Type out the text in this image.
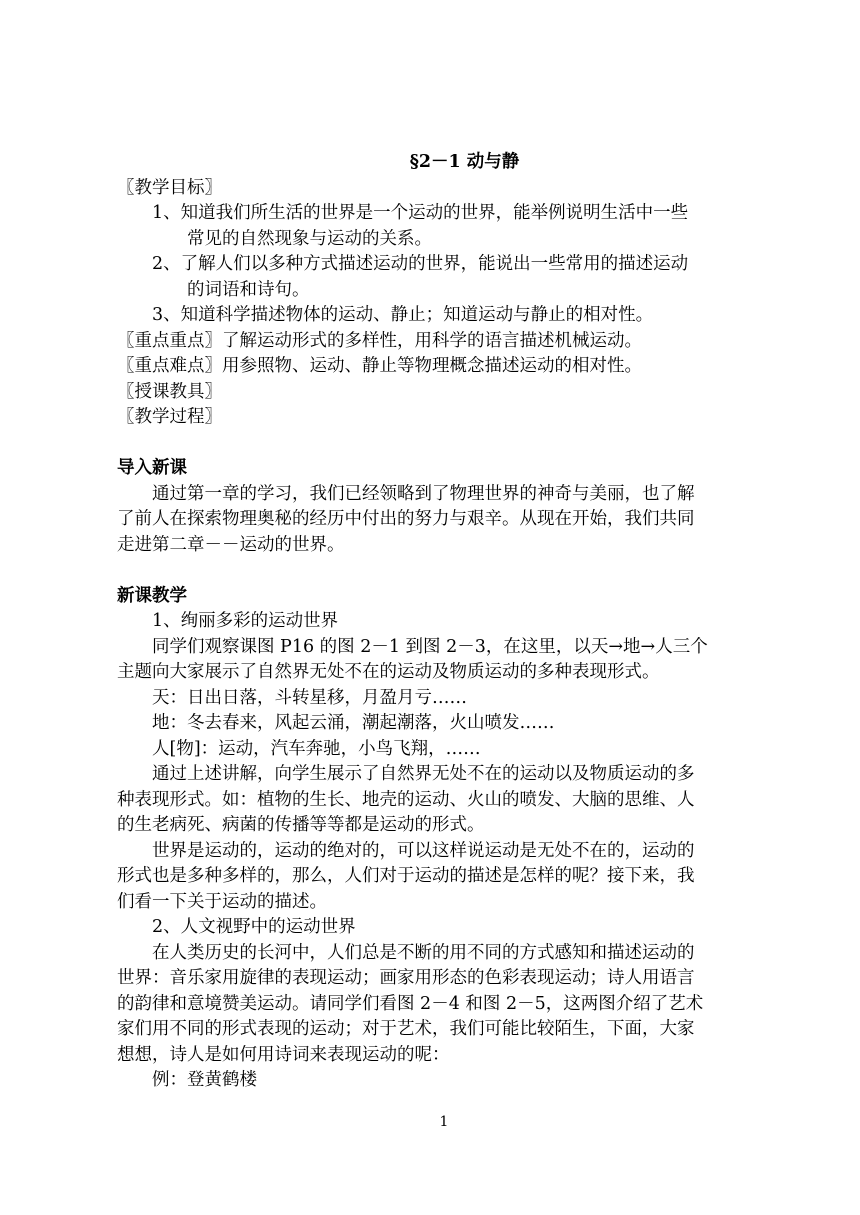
§2－1 动与静
〖教学目标〗
1、知道我们所生活的世界是一个运动的世界，能举例说明生活中一些
常见的自然现象与运动的关系。
2、了解人们以多种方式描述运动的世界，能说出一些常用的描述运动
的词语和诗句。
3、知道科学描述物体的运动、静止；知道运动与静止的相对性。
〖重点重点〗了解运动形式的多样性，用科学的语言描述机械运动。
〖重点难点〗用参照物、运动、静止等物理概念描述运动的相对性。
〖授课教具〗
〖教学过程〗
导入新课
通过第一章的学习，我们已经领略到了物理世界的神奇与美丽，也了解
了前人在探索物理奥秘的经历中付出的努力与艰辛。从现在开始，我们共同
走进第二章－－运动的世界。
新课教学
1、绚丽多彩的运动世界
同学们观察课图 P16 的图 2－1 到图 2－3，在这里，以天→地→人三个
主题向大家展示了自然界无处不在的运动及物质运动的多种表现形式。
天：日出日落，斗转星移，月盈月亏……
地：冬去春来，风起云涌，潮起潮落，火山喷发……
人[物]：运动，汽车奔驰，小鸟飞翔，……
通过上述讲解，向学生展示了自然界无处不在的运动以及物质运动的多
种表现形式。如：植物的生长、地壳的运动、火山的喷发、大脑的思维、人
的生老病死、病菌的传播等等都是运动的形式。
世界是运动的，运动的绝对的，可以这样说运动是无处不在的，运动的
形式也是多种多样的，那么，人们对于运动的描述是怎样的呢？接下来，我
们看一下关于运动的描述。
2、人文视野中的运动世界
在人类历史的长河中，人们总是不断的用不同的方式感知和描述运动的
世界：音乐家用旋律的表现运动；画家用形态的色彩表现运动；诗人用语言
的韵律和意境赞美运动。请同学们看图 2－4 和图 2－5，这两图介绍了艺术
家们用不同的形式表现的运动；对于艺术，我们可能比较陌生，下面，大家
想想，诗人是如何用诗词来表现运动的呢：
例：登黄鹤楼
1
